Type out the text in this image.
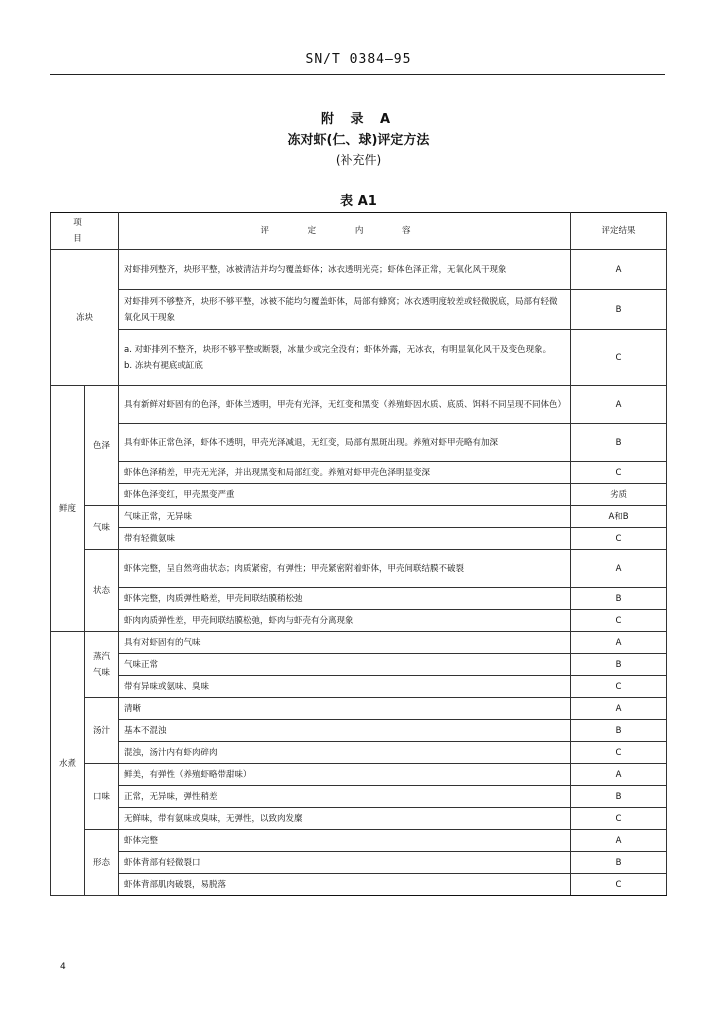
SN/T 0384—95
附 录 A
冻对虾(仁、球)评定方法
(补充件)
表 A1
项 目		评 定 内 容	评定结果
冻块		对虾排列整齐，块形平整，冰被清洁并均匀覆盖虾体；冰衣透明光亮；虾体色泽正常，无氧化风干现象	A
		对虾排列不够整齐，块形不够平整，冰被不能均匀覆盖虾体，局部有蜂窝；冰衣透明度较差或轻微脱底，局部有轻微氧化风干现象	B

		a. 对虾排列不整齐，块形不够平整或断裂，冰量少或完全没有；虾体外露，无冰衣，有明显氧化风干及变色现象。
b. 冻块有褪底或缸底	C
鲜度	色泽	具有新鲜对虾固有的色泽，虾体兰透明，甲壳有光泽，无红变和黑变（养殖虾因水质、底质、饵料不同呈现不同体色）	A
		具有虾体正常色泽，虾体不透明，甲壳光泽减退，无红变，局部有黑斑出现。养殖对虾甲壳略有加深	B
		虾体色泽稍差，甲壳无光泽，并出现黑变和局部红变。养殖对虾甲壳色泽明显变深	C
		虾体色泽变红，甲壳黑变严重	劣质
	气味	气味正常，无异味	A和B
		带有轻微氨味	C
	状态	虾体完整，呈自然弯曲状态；肉质紧密，有弹性；甲壳紧密附着虾体，甲壳间联结膜不破裂	A
		虾体完整，肉质弹性略差，甲壳间联结膜稍松弛	B
		虾肉肉质弹性差，甲壳间联结膜松弛，虾肉与虾壳有分离现象	C
水煮	蒸汽气味	具有对虾固有的气味	A
		气味正常	B
		带有异味或氨味、臭味	C
	汤汁	清晰	A
		基本不混浊	B
		混浊，汤汁内有虾肉碎肉	C
	口味	鲜美，有弹性（养殖虾略带甜味）	A
		正常，无异味，弹性稍差	B
		无鲜味，带有氨味或臭味，无弹性，以致肉发糜	C
	形态	虾体完整	A
		虾体背部有轻微裂口	B
		虾体背部肌肉破裂，易脱落	C
4
